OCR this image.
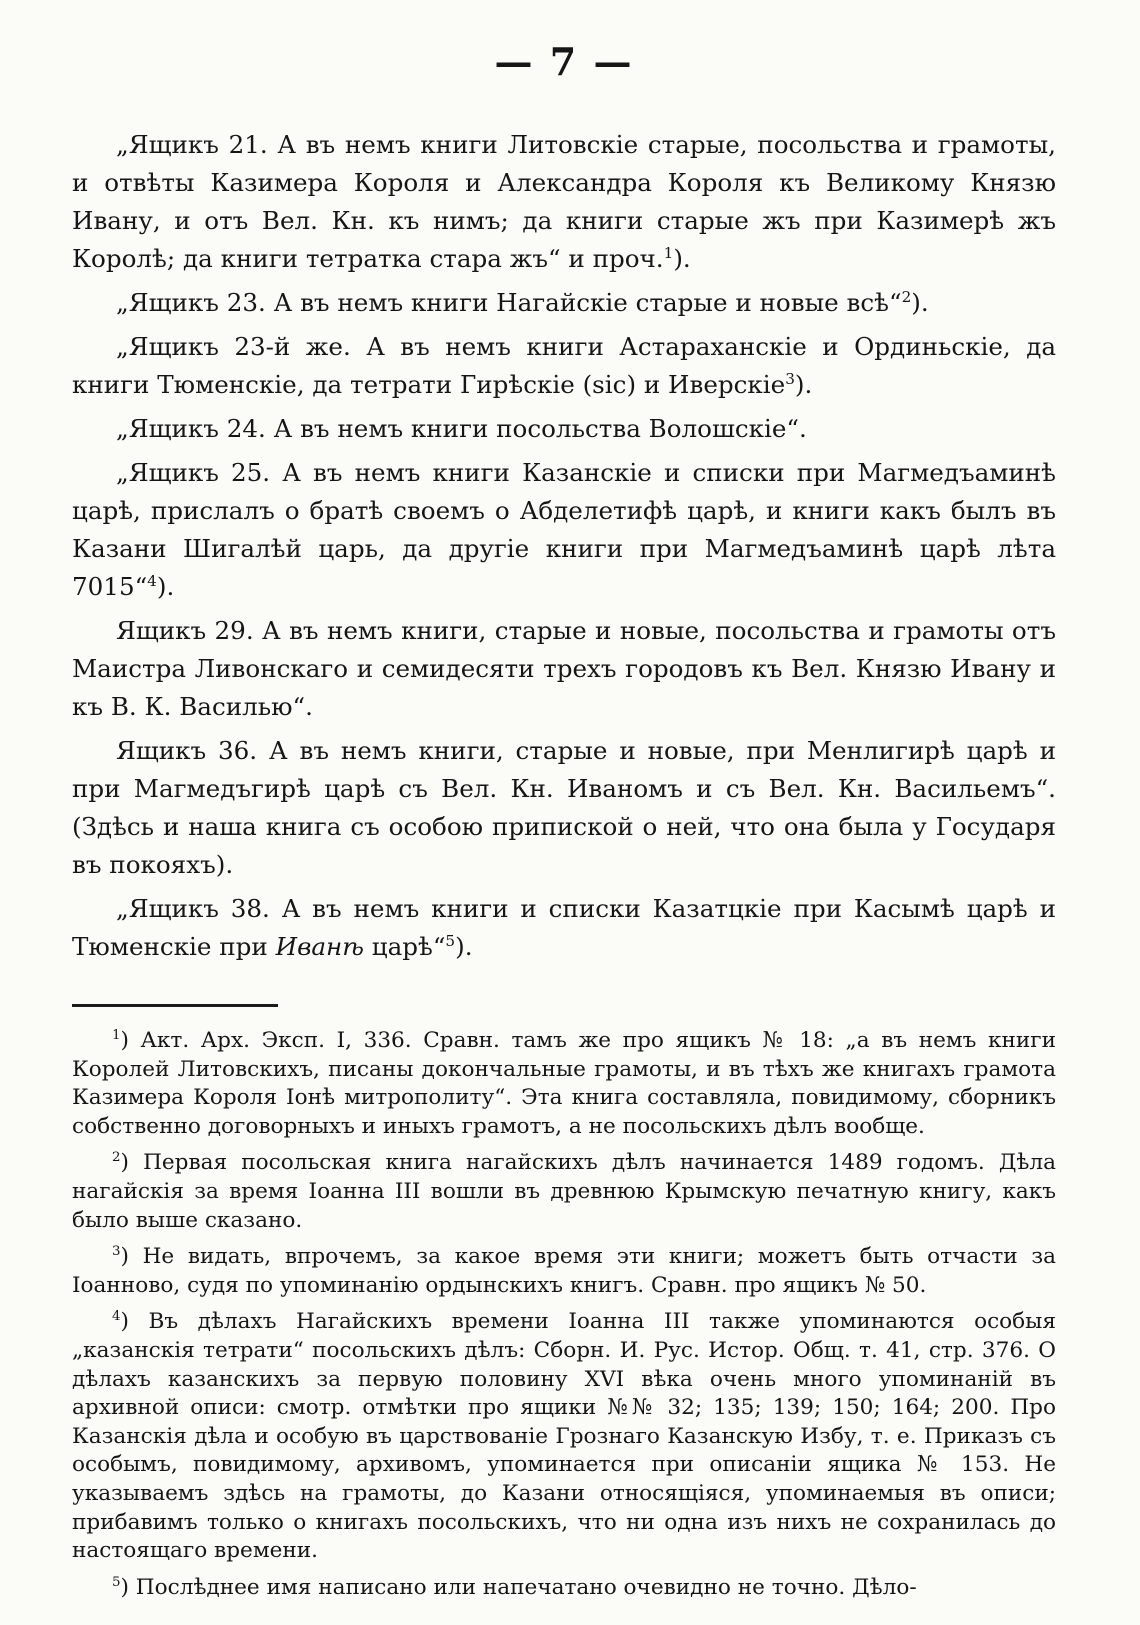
— 7 —

„Ящикъ 21. А въ немъ книги Литовскіе старые, посольства и грамоты, и отвѣты Казимера Короля и Александра Короля къ Великому Князю Ивану, и отъ Вел. Кн. къ нимъ; да книги старые жъ при Казимерѣ жъ Королѣ; да книги тетратка стара жъ“ и проч.$^1$).

„Ящикъ 23. А въ немъ книги Нагайскіе старые и новые всѣ“$^2$).

„Ящикъ 23-й же. А въ немъ книги Астараханскіе и Ординьскіе, да книги Тюменскіе, да тетрати Гирѣскіе (sic) и Иверскіе$^3$).

„Ящикъ 24. А въ немъ книги посольства Волошскіе“.

„Ящикъ 25. А въ немъ книги Казанскіе и списки при Магмедъаминѣ царѣ, прислалъ о братѣ своемъ о Абделетифѣ царѣ, и книги какъ былъ въ Казани Шигалѣй царь, да другіе книги при Магмедъаминѣ царѣ лѣта 7015“$^4$).

Ящикъ 29. А въ немъ книги, старые и новые, посольства и грамоты отъ Маистра Ливонскаго и семидесяти трехъ городовъ къ Вел. Князю Ивану и къ В. К. Василью“.

Ящикъ 36. А въ немъ книги, старые и новые, при Менлигирѣ царѣ и при Магмедъгирѣ царѣ съ Вел. Кн. Иваномъ и съ Вел. Кн. Васильемъ“. (Здѣсь и наша книга съ особою припиской о ней, что она была у Государя въ покояхъ).

„Ящикъ 38. А въ немъ книги и списки Казатцкіе при Касымѣ царѣ и Тюменскіе при Иванѣ царѣ“$^5$).

$^1$) Акт. Арх. Эксп. I, 336. Сравн. тамъ же про ящикъ № 18: „а въ немъ книги Королей Литовскихъ, писаны докончальные грамоты, и въ тѣхъ же книгахъ грамота Казимера Короля Іонѣ митрополиту“. Эта книга составляла, повидимому, сборникъ собственно договорныхъ и иныхъ грамотъ, а не посольскихъ дѣлъ вообще.

$^2$) Первая посольская книга нагайскихъ дѣлъ начинается 1489 годомъ. Дѣла нагайскія за время Іоанна III вошли въ древнюю Крымскую печатную книгу, какъ было выше сказано.

$^3$) Не видать, впрочемъ, за какое время эти книги; можетъ быть отчасти за Іоанново, судя по упоминанію ордынскихъ книгъ. Сравн. про ящикъ № 50.

$^4$) Въ дѣлахъ Нагайскихъ времени Іоанна III также упоминаются особыя „казанскія тетрати“ посольскихъ дѣлъ: Сборн. И. Рус. Истор. Общ. т. 41, стр. 376. О дѣлахъ казанскихъ за первую половину XVI вѣка очень много упоминаній въ архивной описи: смотр. отмѣтки про ящики №№ 32; 135; 139; 150; 164; 200. Про Казанскія дѣла и особую въ царствованіе Грознаго Казанскую Избу, т. е. Приказъ съ особымъ, повидимому, архивомъ, упоминается при описаніи ящика № 153. Не указываемъ здѣсь на грамоты, до Казани относящіяся, упоминаемыя въ описи; прибавимъ только о книгахъ посольскихъ, что ни одна изъ нихъ не сохранилась до настоящаго времени.

$^5$) Послѣднее имя написано или напечатано очевидно не точно. Дѣло-
